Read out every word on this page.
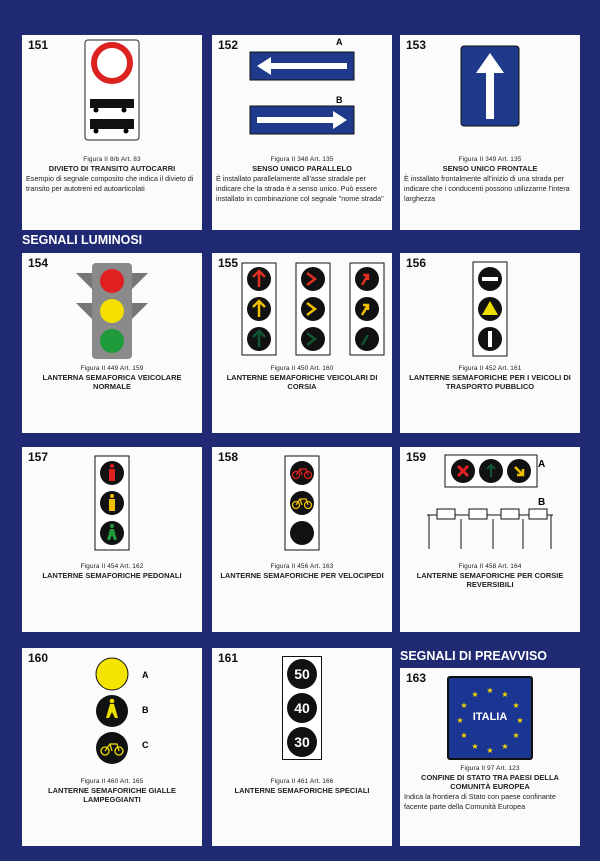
151
Figura II 8/b Art. 83
DIVIETO DI TRANSITO AUTOCARRI
Esempio di segnale composito che indica il divieto di transito per autotreni ed autoarticolati
152	A
B
Figura II 348 Art. 135
SENSO UNICO PARALLELO
È installato parallelamente all'asse stradale per indicare che la strada è a senso unico. Può essere installato in combinazione col segnale "nome strada"
153
Figura II 349 Art. 135
SENSO UNICO FRONTALE
È installato frontalmente all'inizio di una strada per indicare che i conducenti possono utilizzarne l'intera larghezza
SEGNALI LUMINOSI
154
Figura II 449 Art. 159
LANTERNA SEMAFORICA VEICOLARE NORMALE
155
Figura II 450 Art. 160
LANTERNE SEMAFORICHE VEICOLARI DI CORSIA
156
Figura II 452 Art. 161
LANTERNE SEMAFORICHE PER I VEICOLI DI TRASPORTO PUBBLICO
157
Figura II 454 Art. 162
LANTERNE SEMAFORICHE PEDONALI
158
Figura II 456 Art. 163
LANTERNE SEMAFORICHE PER VELOCIPEDI
159
A
B
Figura II 458 Art. 164
LANTERNE SEMAFORICHE PER CORSIE REVERSIBILI
160
A
B
C
Figura II 460 Art. 165
LANTERNE SEMAFORICHE GIALLE LAMPEGGIANTI
161
50
40
30
Figura II 461 Art. 166
LANTERNE SEMAFORICHE SPECIALI
SEGNALI DI PREAVVISO
163
★ ★
★
★
★
★
★
★
★
★
★
★
ITALIA
Figura II 97 Art. 123
CONFINE DI STATO TRA PAESI DELLA COMUNITÀ EUROPEA
Indica la frontiera di Stato con paese confinante facente parte della Comunità Europea
